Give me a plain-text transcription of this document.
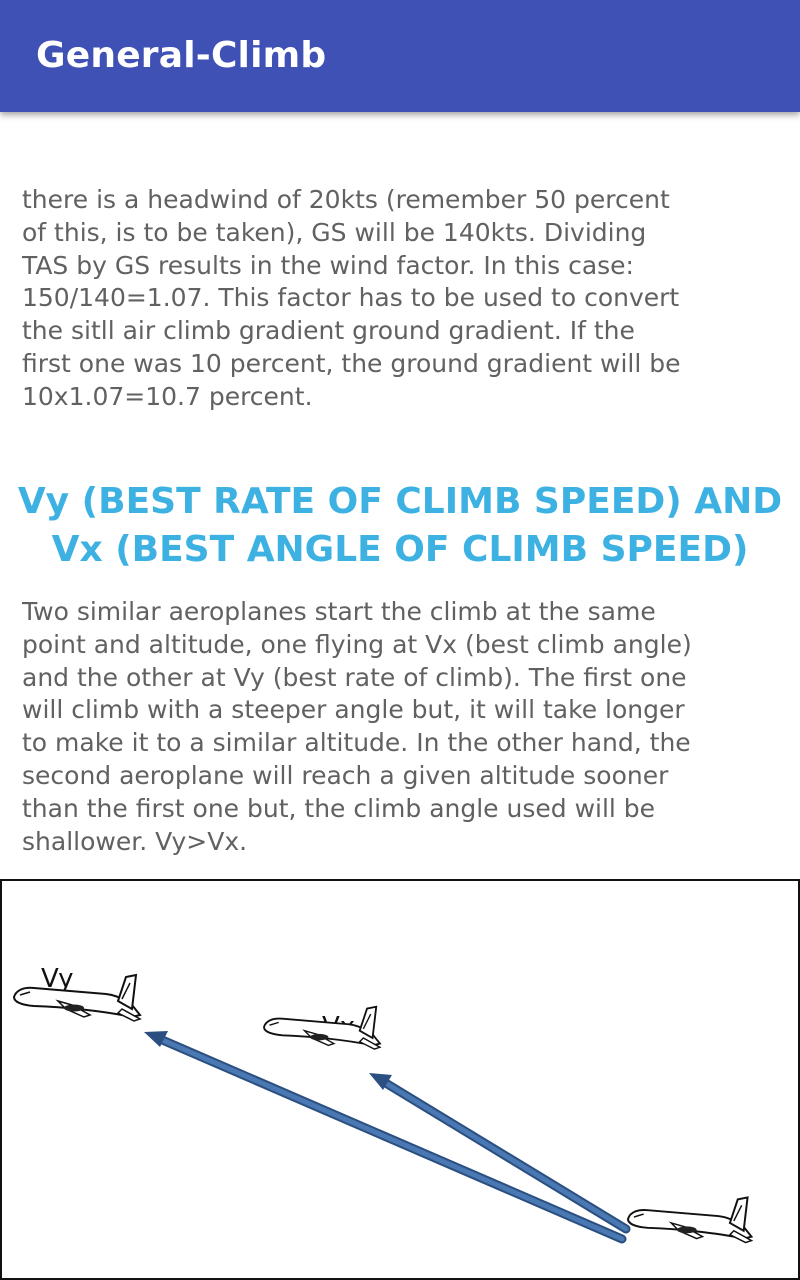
General-Climb

there is a headwind of 20kts (remember 50 percent
of this, is to be taken), GS will be 140kts. Dividing
TAS by GS results in the wind factor. In this case:
150/140=1.07. This factor has to be used to convert
the sitll air climb gradient ground gradient. If the
first one was 10 percent, the ground gradient will be
10x1.07=10.7 percent.

Vy (BEST RATE OF CLIMB SPEED) AND
Vx (BEST ANGLE OF CLIMB SPEED)

Two similar aeroplanes start the climb at the same
point and altitude, one flying at Vx (best climb angle)
and the other at Vy (best rate of climb). The first one
will climb with a steeper angle but, it will take longer
to make it to a similar altitude. In the other hand, the
second aeroplane will reach a given altitude sooner
than the first one but, the climb angle used will be
shallower. Vy>Vx.

Vy
